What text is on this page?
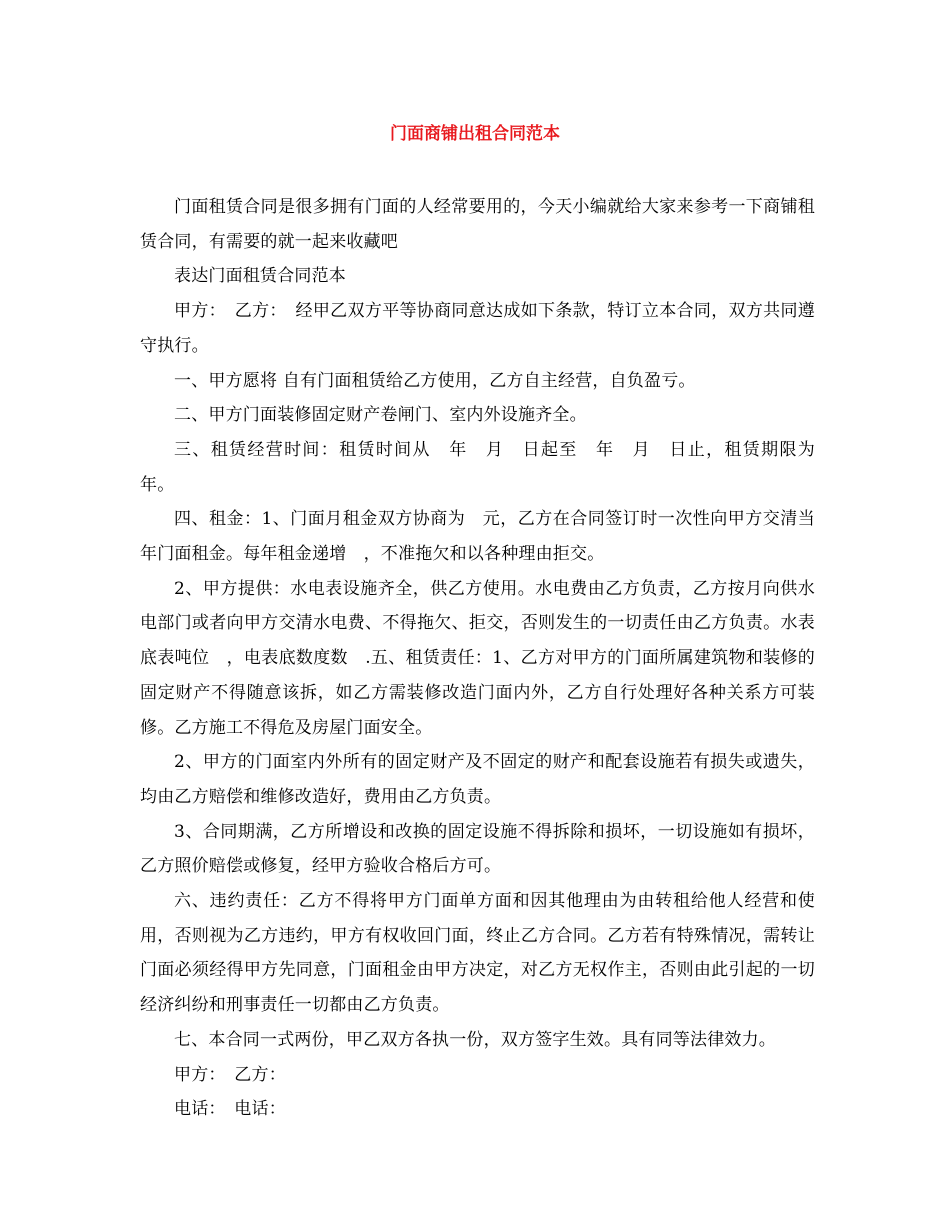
门面商铺出租合同范本

门面租赁合同是很多拥有门面的人经常要用的，今天小编就给大家来参考一下商铺租赁合同，有需要的就一起来收藏吧

表达门面租赁合同范本

甲方：　乙方：　经甲乙双方平等协商同意达成如下条款，特订立本合同，双方共同遵守执行。

一、甲方愿将 自有门面租赁给乙方使用，乙方自主经营，自负盈亏。

二、甲方门面装修固定财产卷闸门、室内外设施齐全。

三、租赁经营时间：租赁时间从　年　月　日起至　年　月　日止，租赁期限为　年。

四、租金：1、门面月租金双方协商为　元，乙方在合同签订时一次性向甲方交清当年门面租金。每年租金递增　，不准拖欠和以各种理由拒交。

2、甲方提供：水电表设施齐全，供乙方使用。水电费由乙方负责，乙方按月向供水电部门或者向甲方交清水电费、不得拖欠、拒交，否则发生的一切责任由乙方负责。水表底表吨位　，电表底数度数　.五、租赁责任：1、乙方对甲方的门面所属建筑物和装修的固定财产不得随意该拆，如乙方需装修改造门面内外，乙方自行处理好各种关系方可装修。乙方施工不得危及房屋门面安全。

2、甲方的门面室内外所有的固定财产及不固定的财产和配套设施若有损失或遗失，均由乙方赔偿和维修改造好，费用由乙方负责。

3、合同期满，乙方所增设和改换的固定设施不得拆除和损坏，一切设施如有损坏，乙方照价赔偿或修复，经甲方验收合格后方可。

六、违约责任：乙方不得将甲方门面单方面和因其他理由为由转租给他人经营和使用，否则视为乙方违约，甲方有权收回门面，终止乙方合同。乙方若有特殊情况，需转让门面必须经得甲方先同意，门面租金由甲方决定，对乙方无权作主，否则由此引起的一切经济纠纷和刑事责任一切都由乙方负责。

七、本合同一式两份，甲乙双方各执一份，双方签字生效。具有同等法律效力。

甲方：　乙方：

电话：　电话：
